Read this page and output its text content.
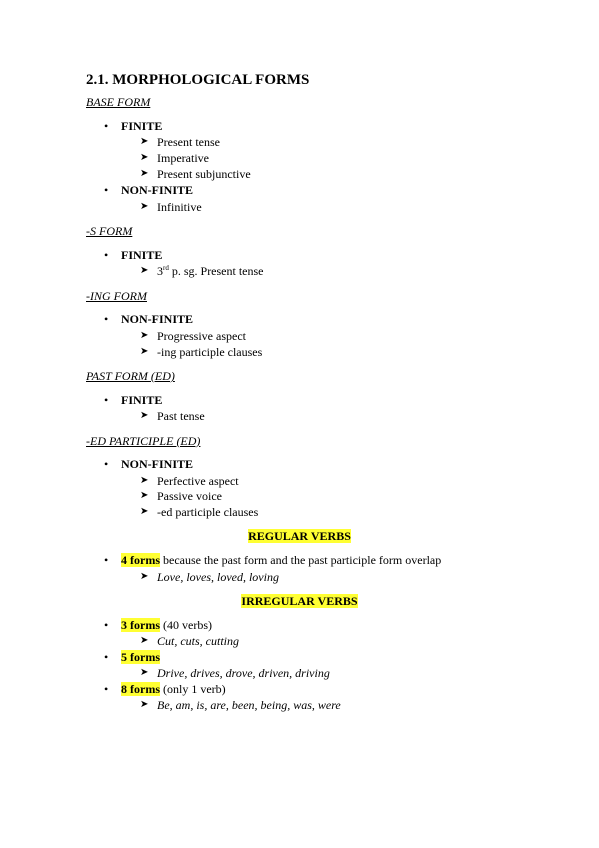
2.1. MORPHOLOGICAL FORMS
BASE FORM
• FINITE
➤ Present tense
➤ Imperative
➤ Present subjunctive
• NON-FINITE
➤ Infinitive
-S FORM
• FINITE
➤ 3rd p. sg. Present tense
-ING FORM
• NON-FINITE
➤ Progressive aspect
➤ -ing participle clauses
PAST FORM (ED)
• FINITE
➤ Past tense
-ED PARTICIPLE (ED)
• NON-FINITE
➤ Perfective aspect
➤ Passive voice
➤ -ed participle clauses
REGULAR VERBS
• 4 forms because the past form and the past participle form overlap
➤ Love, loves, loved, loving
IRREGULAR VERBS
• 3 forms (40 verbs)
➤ Cut, cuts, cutting
• 5 forms
➤ Drive, drives, drove, driven, driving
• 8 forms (only 1 verb)
➤ Be, am, is, are, been, being, was, were
